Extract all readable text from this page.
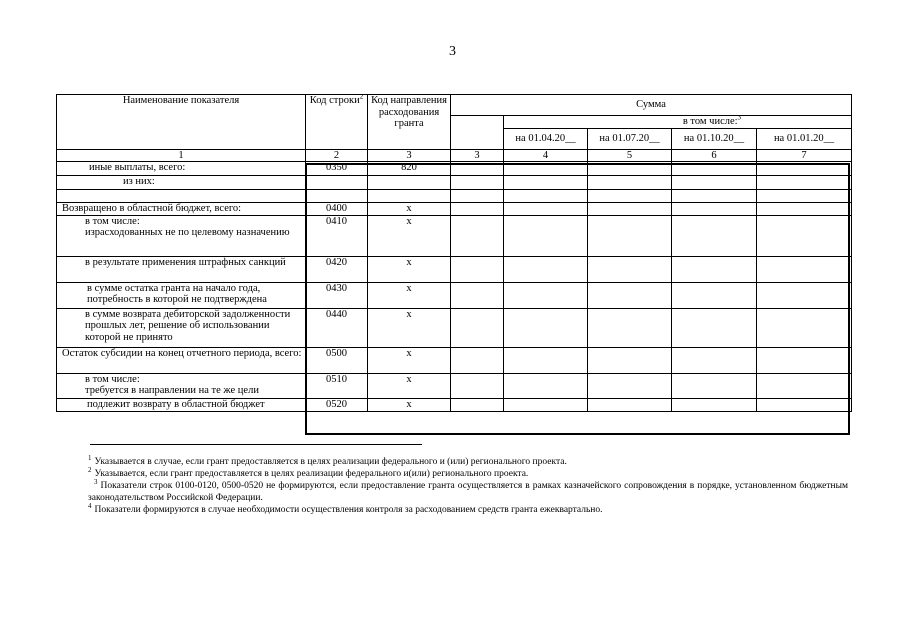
3
Наименование показателя	Код строки$^2$	Код направления расходования гранта	Сумма				
				в том числе:$^3$
				на 01.04.20__	на 01.07.20__	на 01.10.20__	на 01.01.20__
1	2	3	3	4	5	6	7
иные выплаты, всего:	0350	820					
из них:							

Возвращено в областной бюджет, всего:	0400	x					
в том числе:
израсходованных не по целевому назначению	0410	x					
в результате применения штрафных санкций	0420	x					
в сумме остатка гранта на начало года, потребность в которой не подтверждена	0430	x					
в сумме возврата дебиторской задолженности прошлых лет, решение об использовании которой не принято	0440	x					
Остаток субсидии на конец отчетного периода, всего:	0500	x					
в том числе:
требуется в направлении на те же цели	0510	x					
подлежит возврату в областной бюджет	0520	x					

$^1$ Указывается в случае, если грант предоставляется в целях реализации федерального и (или) регионального проекта.

$^2$ Указывается, если грант предоставляется в целях реализации федерального и(или) регионального проекта.

$^3$ Показатели строк 0100-0120, 0500-0520 не формируются, если предоставление гранта осуществляется в рамках казначейского сопровождения в порядке, установленном бюджетным законодательством Российской Федерации.

$^4$ Показатели формируются в случае необходимости осуществления контроля за расходованием средств гранта ежеквартально.
